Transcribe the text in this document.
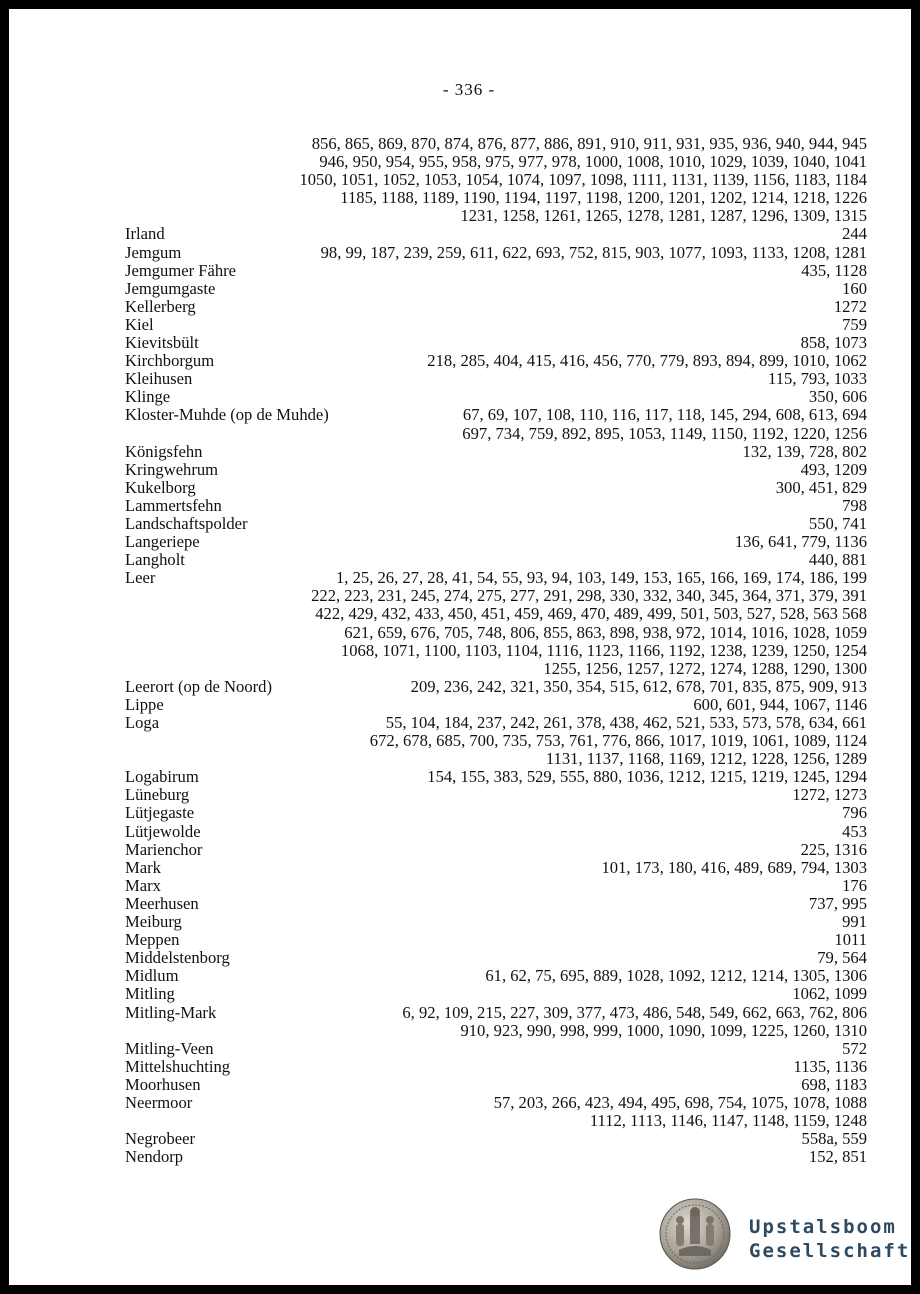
- 336 -
856, 865, 869, 870, 874, 876, 877, 886, 891, 910, 911, 931, 935, 936, 940, 944, 945
946, 950, 954, 955, 958, 975, 977, 978, 1000, 1008, 1010, 1029, 1039, 1040, 1041
1050, 1051, 1052, 1053, 1054, 1074, 1097, 1098, 1111, 1131, 1139, 1156, 1183, 1184
1185, 1188, 1189, 1190, 1194, 1197, 1198, 1200, 1201, 1202, 1214, 1218, 1226
1231, 1258, 1261, 1265, 1278, 1281, 1287, 1296, 1309, 1315
Irland	244
Jemgum	98, 99, 187, 239, 259, 611, 622, 693, 752, 815, 903, 1077, 1093, 1133, 1208, 1281
Jemgumer Fähre	435, 1128
Jemgumgaste	160
Kellerberg	1272
Kiel	759
Kievitsbült	858, 1073
Kirchborgum	218, 285, 404, 415, 416, 456, 770, 779, 893, 894, 899, 1010, 1062
Kleihusen	115, 793, 1033
Klinge	350, 606
Kloster-Muhde (op de Muhde)	67, 69, 107, 108, 110, 116, 117, 118, 145, 294, 608, 613, 694
697, 734, 759, 892, 895, 1053, 1149, 1150, 1192, 1220, 1256
Königsfehn	132, 139, 728, 802
Kringwehrum	493, 1209
Kukelborg	300, 451, 829
Lammertsfehn	798
Landschaftspolder	550, 741
Langeriepe	136, 641, 779, 1136
Langholt	440, 881
Leer	1, 25, 26, 27, 28, 41, 54, 55, 93, 94, 103, 149, 153, 165, 166, 169, 174, 186, 199
222, 223, 231, 245, 274, 275, 277, 291, 298, 330, 332, 340, 345, 364, 371, 379, 391
422, 429, 432, 433, 450, 451, 459, 469, 470, 489, 499, 501, 503, 527, 528, 563 568
621, 659, 676, 705, 748, 806, 855, 863, 898, 938, 972, 1014, 1016, 1028, 1059
1068, 1071, 1100, 1103, 1104, 1116, 1123, 1166, 1192, 1238, 1239, 1250, 1254
1255, 1256, 1257, 1272, 1274, 1288, 1290, 1300
Leerort (op de Noord)	209, 236, 242, 321, 350, 354, 515, 612, 678, 701, 835, 875, 909, 913
Lippe	600, 601, 944, 1067, 1146
Loga	55, 104, 184, 237, 242, 261, 378, 438, 462, 521, 533, 573, 578, 634, 661
672, 678, 685, 700, 735, 753, 761, 776, 866, 1017, 1019, 1061, 1089, 1124
1131, 1137, 1168, 1169, 1212, 1228, 1256, 1289
Logabirum	154, 155, 383, 529, 555, 880, 1036, 1212, 1215, 1219, 1245, 1294
Lüneburg	1272, 1273
Lütjegaste	796
Lütjewolde	453
Marienchor	225, 1316
Mark	101, 173, 180, 416, 489, 689, 794, 1303
Marx	176
Meerhusen	737, 995
Meiburg	991
Meppen	1011
Middelstenborg	79, 564
Midlum	61, 62, 75, 695, 889, 1028, 1092, 1212, 1214, 1305, 1306
Mitling	1062, 1099
Mitling-Mark	6, 92, 109, 215, 227, 309, 377, 473, 486, 548, 549, 662, 663, 762, 806
910, 923, 990, 998, 999, 1000, 1090, 1099, 1225, 1260, 1310
Mitling-Veen	572
Mittelshuchting	1135, 1136
Moorhusen	698, 1183
Neermoor	57, 203, 266, 423, 494, 495, 698, 754, 1075, 1078, 1088
1112, 1113, 1146, 1147, 1148, 1159, 1248
Negrobeer	558a, 559
Nendorp	152, 851
Upstalsboom
Gesellschaft
